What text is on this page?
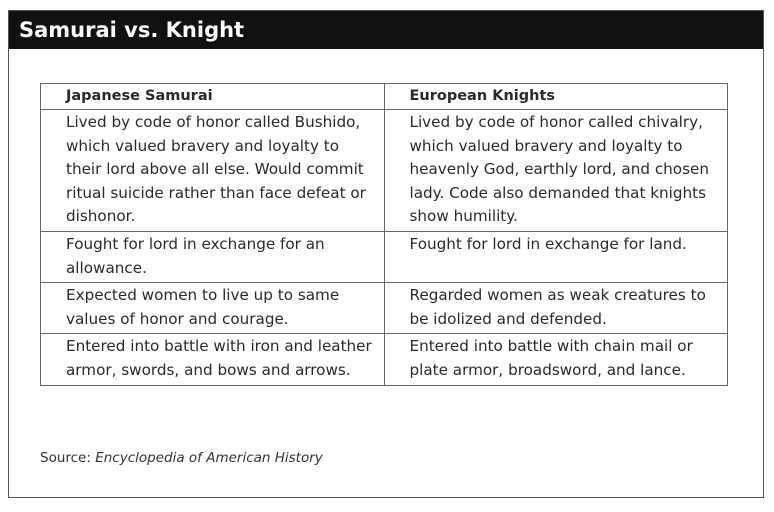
Samurai vs. Knight
Japanese Samurai	European Knights
Lived by code of honor called Bushido, which valued bravery and loyalty to their lord above all else. Would commit ritual suicide rather than face defeat or dishonor.	Lived by code of honor called chivalry, which valued bravery and loyalty to heavenly God, earthly lord, and chosen lady. Code also demanded that knights show humility.
Fought for lord in exchange for an allowance.	Fought for lord in exchange for land.
Expected women to live up to same values of honor and courage.	Regarded women as weak creatures to be idolized and defended.
Entered into battle with iron and leather armor, swords, and bows and arrows.	Entered into battle with chain mail or plate armor, broadsword, and lance.
Source: Encyclopedia of American History
